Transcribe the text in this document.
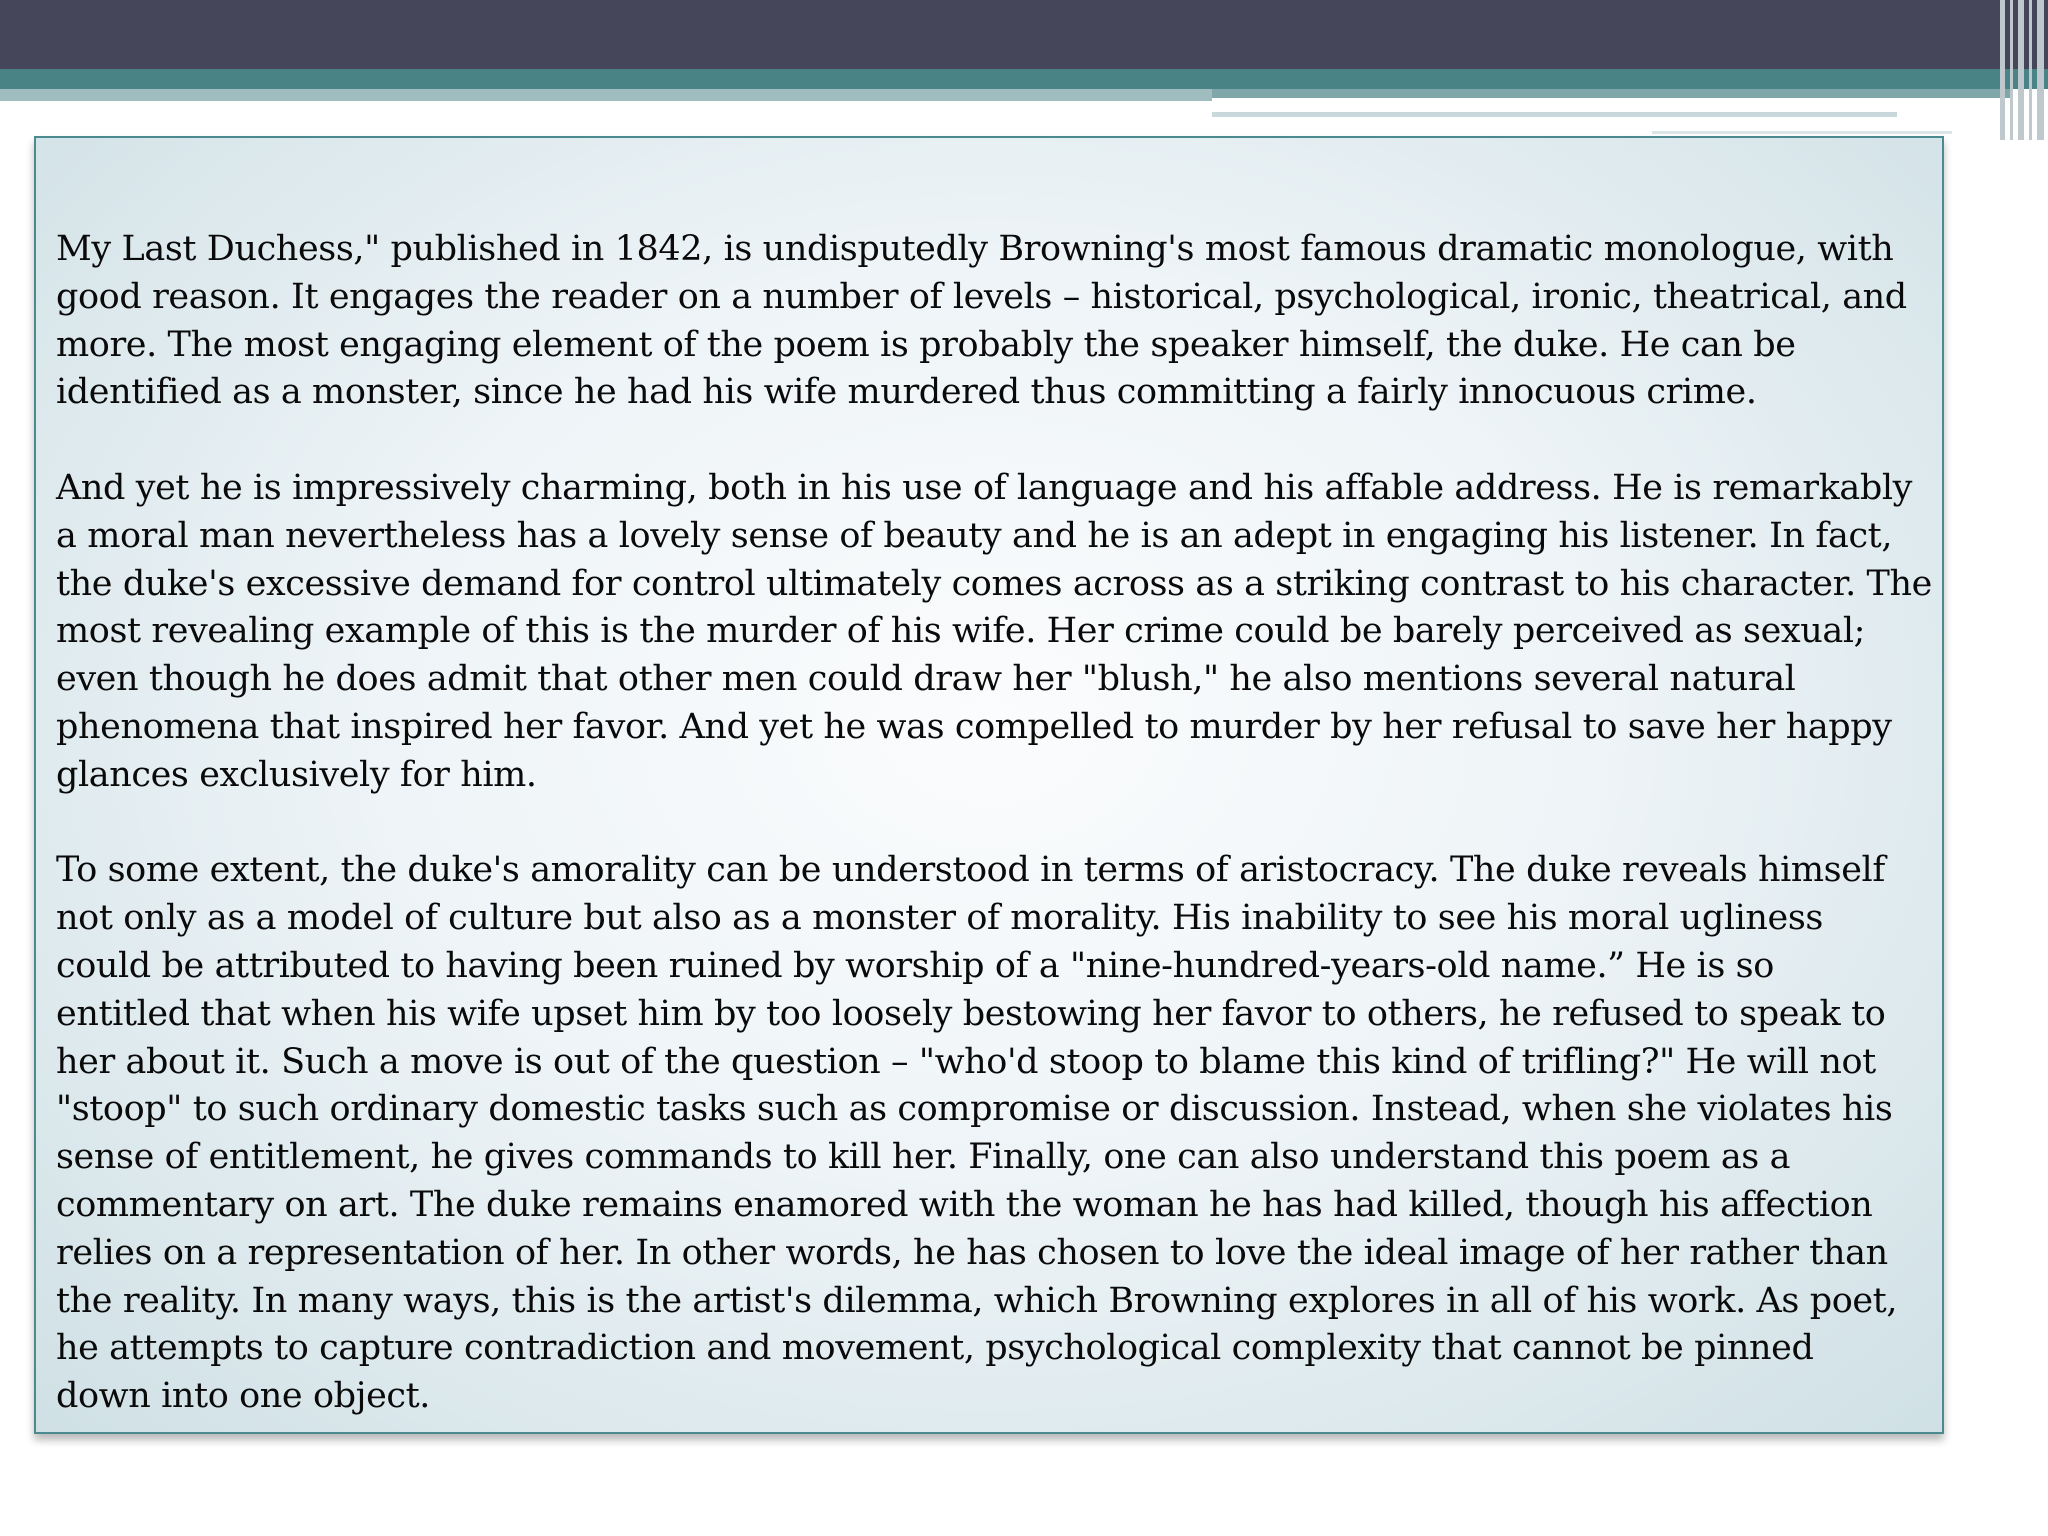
My Last Duchess," published in 1842, is undisputedly Browning's most famous dramatic monologue, with
good reason. It engages the reader on a number of levels – historical, psychological, ironic, theatrical, and
more. The most engaging element of the poem is probably the speaker himself, the duke. He can be
identified as a monster, since he had his wife murdered thus committing a fairly innocuous crime.

And yet he is impressively charming, both in his use of language and his affable address. He is remarkably
a moral man nevertheless has a lovely sense of beauty and he is an adept in engaging his listener. In fact,
the duke's excessive demand for control ultimately comes across as a striking contrast to his character. The
most revealing example of this is the murder of his wife. Her crime could be barely perceived as sexual;
even though he does admit that other men could draw her "blush," he also mentions several natural
phenomena that inspired her favor. And yet he was compelled to murder by her refusal to save her happy
glances exclusively for him.

To some extent, the duke's amorality can be understood in terms of aristocracy. The duke reveals himself
not only as a model of culture but also as a monster of morality. His inability to see his moral ugliness
could be attributed to having been ruined by worship of a "nine-hundred-years-old name.” He is so
entitled that when his wife upset him by too loosely bestowing her favor to others, he refused to speak to
her about it. Such a move is out of the question – "who'd stoop to blame this kind of trifling?" He will not
"stoop" to such ordinary domestic tasks such as compromise or discussion. Instead, when she violates his
sense of entitlement, he gives commands to kill her. Finally, one can also understand this poem as a
commentary on art. The duke remains enamored with the woman he has had killed, though his affection
relies on a representation of her. In other words, he has chosen to love the ideal image of her rather than
the reality. In many ways, this is the artist's dilemma, which Browning explores in all of his work. As poet,
he attempts to capture contradiction and movement, psychological complexity that cannot be pinned
down into one object.
